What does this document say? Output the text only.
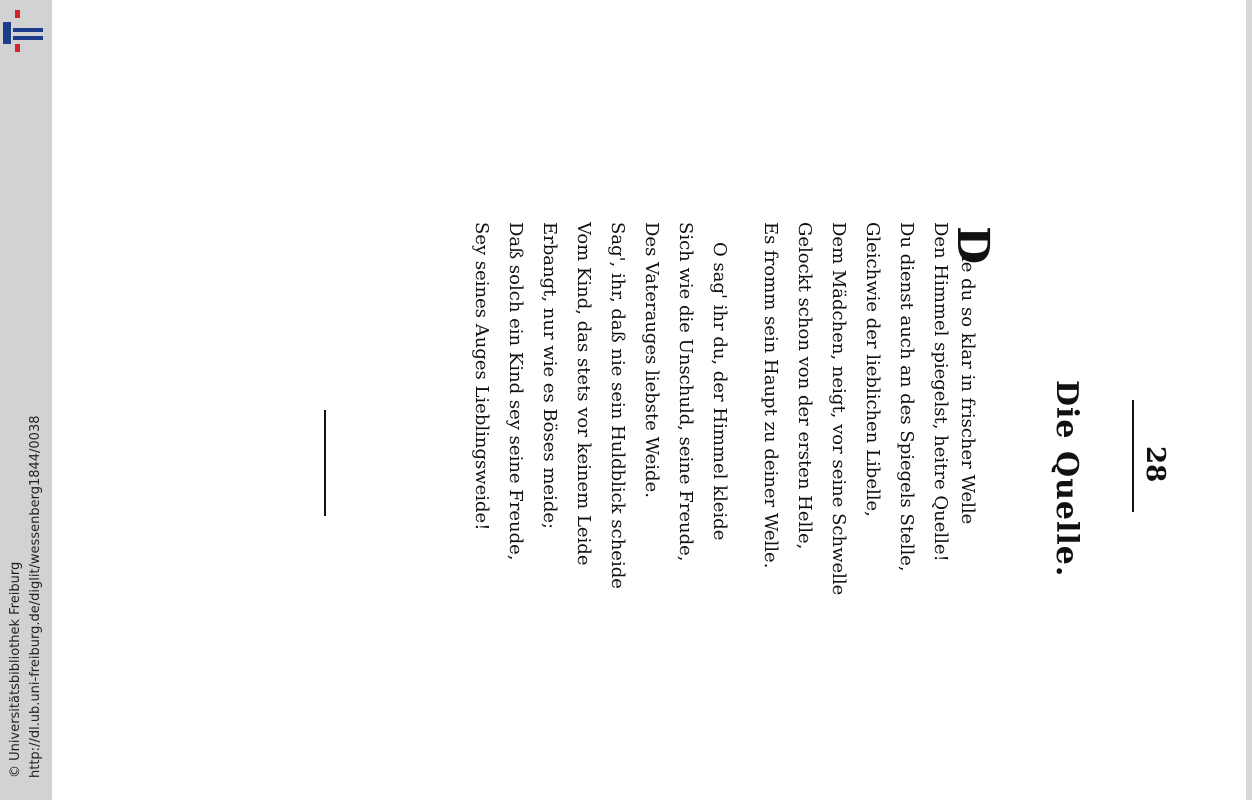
http://dl.ub.uni-freiburg.de/diglit/wessenberg1844/0038
© Universitätsbibliothek Freiburg
28
Die Quelle.
D
ie du so klar in frischer Welle
Den Himmel spiegelst, heitre Quelle!
Du dienst auch an des Spiegels Stelle,
Gleichwie der lieblichen Libelle,
Dem Mädchen, neigt, vor seine Schwelle
Gelockt schon von der ersten Helle,
Es fromm sein Haupt zu deiner Welle.
O sag' ihr du, der Himmel kleide
Sich wie die Unschuld, seine Freude,
Des Vaterauges liebste Weide.
Sag', ihr, daß nie sein Huldblick scheide
Vom Kind, das stets vor keinem Leide
Erbangt, nur wie es Böses meide;
Daß solch ein Kind sey seine Freude,
Sey seines Auges Lieblingsweide!
